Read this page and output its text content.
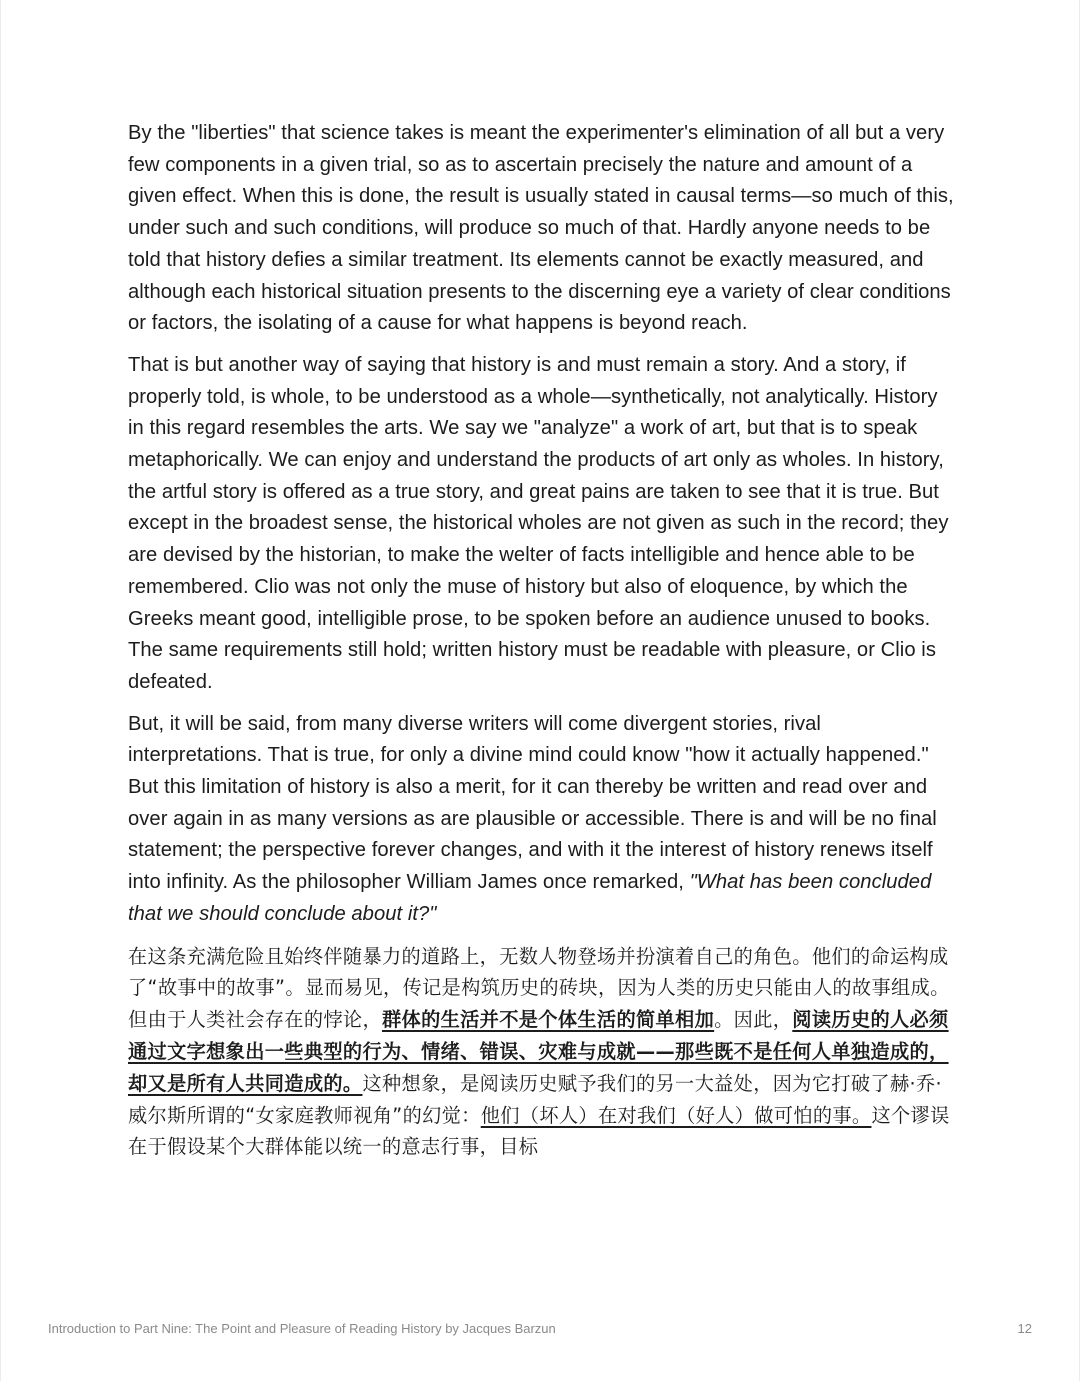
By the "liberties" that science takes is meant the experimenter's elimination of all but a very few components in a given trial, so as to ascertain precisely the nature and amount of a given effect. When this is done, the result is usually stated in causal terms—so much of this, under such and such conditions, will produce so much of that. Hardly anyone needs to be told that history defies a similar treatment. Its elements cannot be exactly measured, and although each historical situation presents to the discerning eye a variety of clear conditions or factors, the isolating of a cause for what happens is beyond reach.

That is but another way of saying that history is and must remain a story. And a story, if properly told, is whole, to be understood as a whole—synthetically, not analytically. History in this regard resembles the arts. We say we "analyze" a work of art, but that is to speak metaphorically. We can enjoy and understand the products of art only as wholes. In history, the artful story is offered as a true story, and great pains are taken to see that it is true. But except in the broadest sense, the historical wholes are not given as such in the record; they are devised by the historian, to make the welter of facts intelligible and hence able to be remembered. Clio was not only the muse of history but also of eloquence, by which the Greeks meant good, intelligible prose, to be spoken before an audience unused to books. The same requirements still hold; written history must be readable with pleasure, or Clio is defeated.

But, it will be said, from many diverse writers will come divergent stories, rival interpretations. That is true, for only a divine mind could know "how it actually happened." But this limitation of history is also a merit, for it can thereby be written and read over and over again in as many versions as are plausible or accessible. There is and will be no final statement; the perspective forever changes, and with it the interest of history renews itself into infinity. As the philosopher William James once remarked, "What has been concluded that we should conclude about it?"

在这条充满危险且始终伴随暴力的道路上，无数人物登场并扮演着自己的角色。他们的命运构成了“故事中的故事”。显而易见，传记是构筑历史的砖块，因为人类的历史只能由人的故事组成。但由于人类社会存在的悖论，群体的生活并不是个体生活的简单相加。因此，阅读历史的人必须通过文字想象出一些典型的行为、情绪、错误、灾难与成就——那些既不是任何人单独造成的，却又是所有人共同造成的。这种想象，是阅读历史赋予我们的另一大益处，因为它打破了赫·乔·威尔斯所谓的“女家庭教师视角”的幻觉：他们（坏人）在对我们（好人）做可怕的事。这个谬误在于假设某个大群体能以统一的意志行事，目标

Introduction to Part Nine: The Point and Pleasure of Reading History by Jacques Barzun	12
